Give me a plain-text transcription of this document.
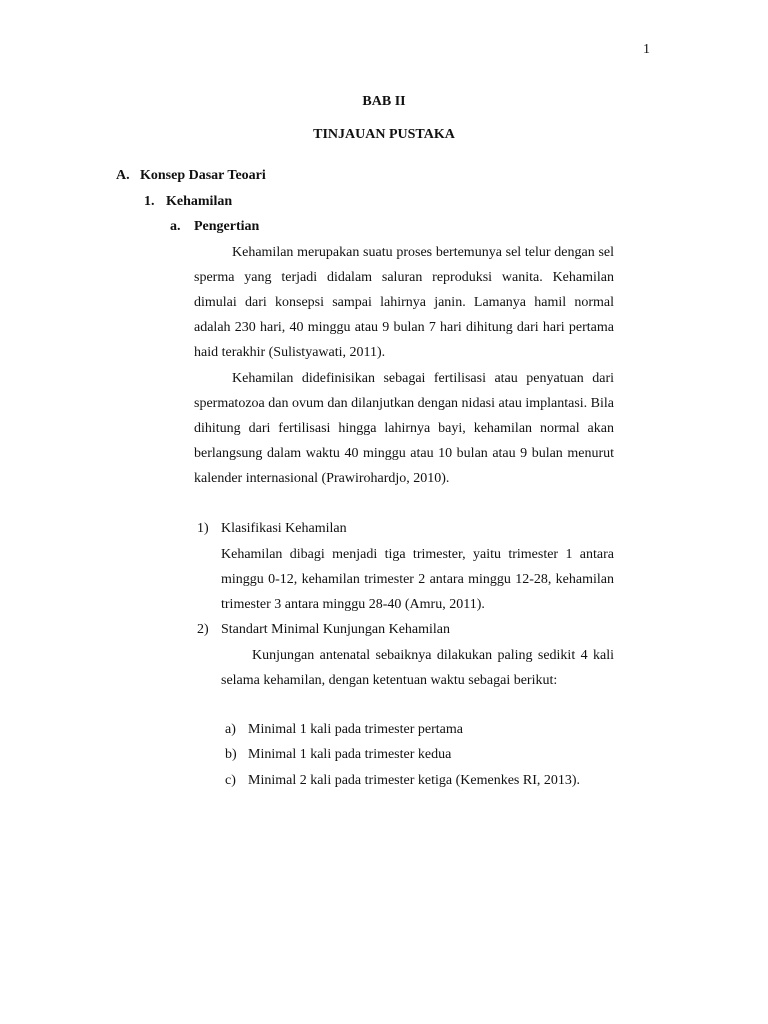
1
BAB II
TINJAUAN PUSTAKA
A. Konsep Dasar Teoari
1. Kehamilan
a. Pengertian
Kehamilan merupakan suatu proses bertemunya sel telur dengan sel sperma yang terjadi didalam saluran reproduksi wanita. Kehamilan dimulai dari konsepsi sampai lahirnya janin. Lamanya hamil normal adalah 230 hari, 40 minggu atau 9 bulan 7 hari dihitung dari hari pertama haid terakhir (Sulistyawati, 2011).
Kehamilan didefinisikan sebagai fertilisasi atau penyatuan dari spermatozoa dan ovum dan dilanjutkan dengan nidasi atau implantasi. Bila dihitung dari fertilisasi hingga lahirnya bayi, kehamilan normal akan berlangsung dalam waktu 40 minggu atau 10 bulan atau 9 bulan menurut kalender internasional (Prawirohardjo, 2010).
1) Klasifikasi Kehamilan
Kehamilan dibagi menjadi tiga trimester, yaitu trimester 1 antara minggu 0-12, kehamilan trimester 2 antara minggu 12-28, kehamilan trimester 3 antara minggu 28-40 (Amru, 2011).
2) Standart Minimal Kunjungan Kehamilan
Kunjungan antenatal sebaiknya dilakukan paling sedikit 4 kali selama kehamilan, dengan ketentuan waktu sebagai berikut:
a) Minimal 1 kali pada trimester pertama
b) Minimal 1 kali pada trimester kedua
c) Minimal 2 kali pada trimester ketiga (Kemenkes RI, 2013).
